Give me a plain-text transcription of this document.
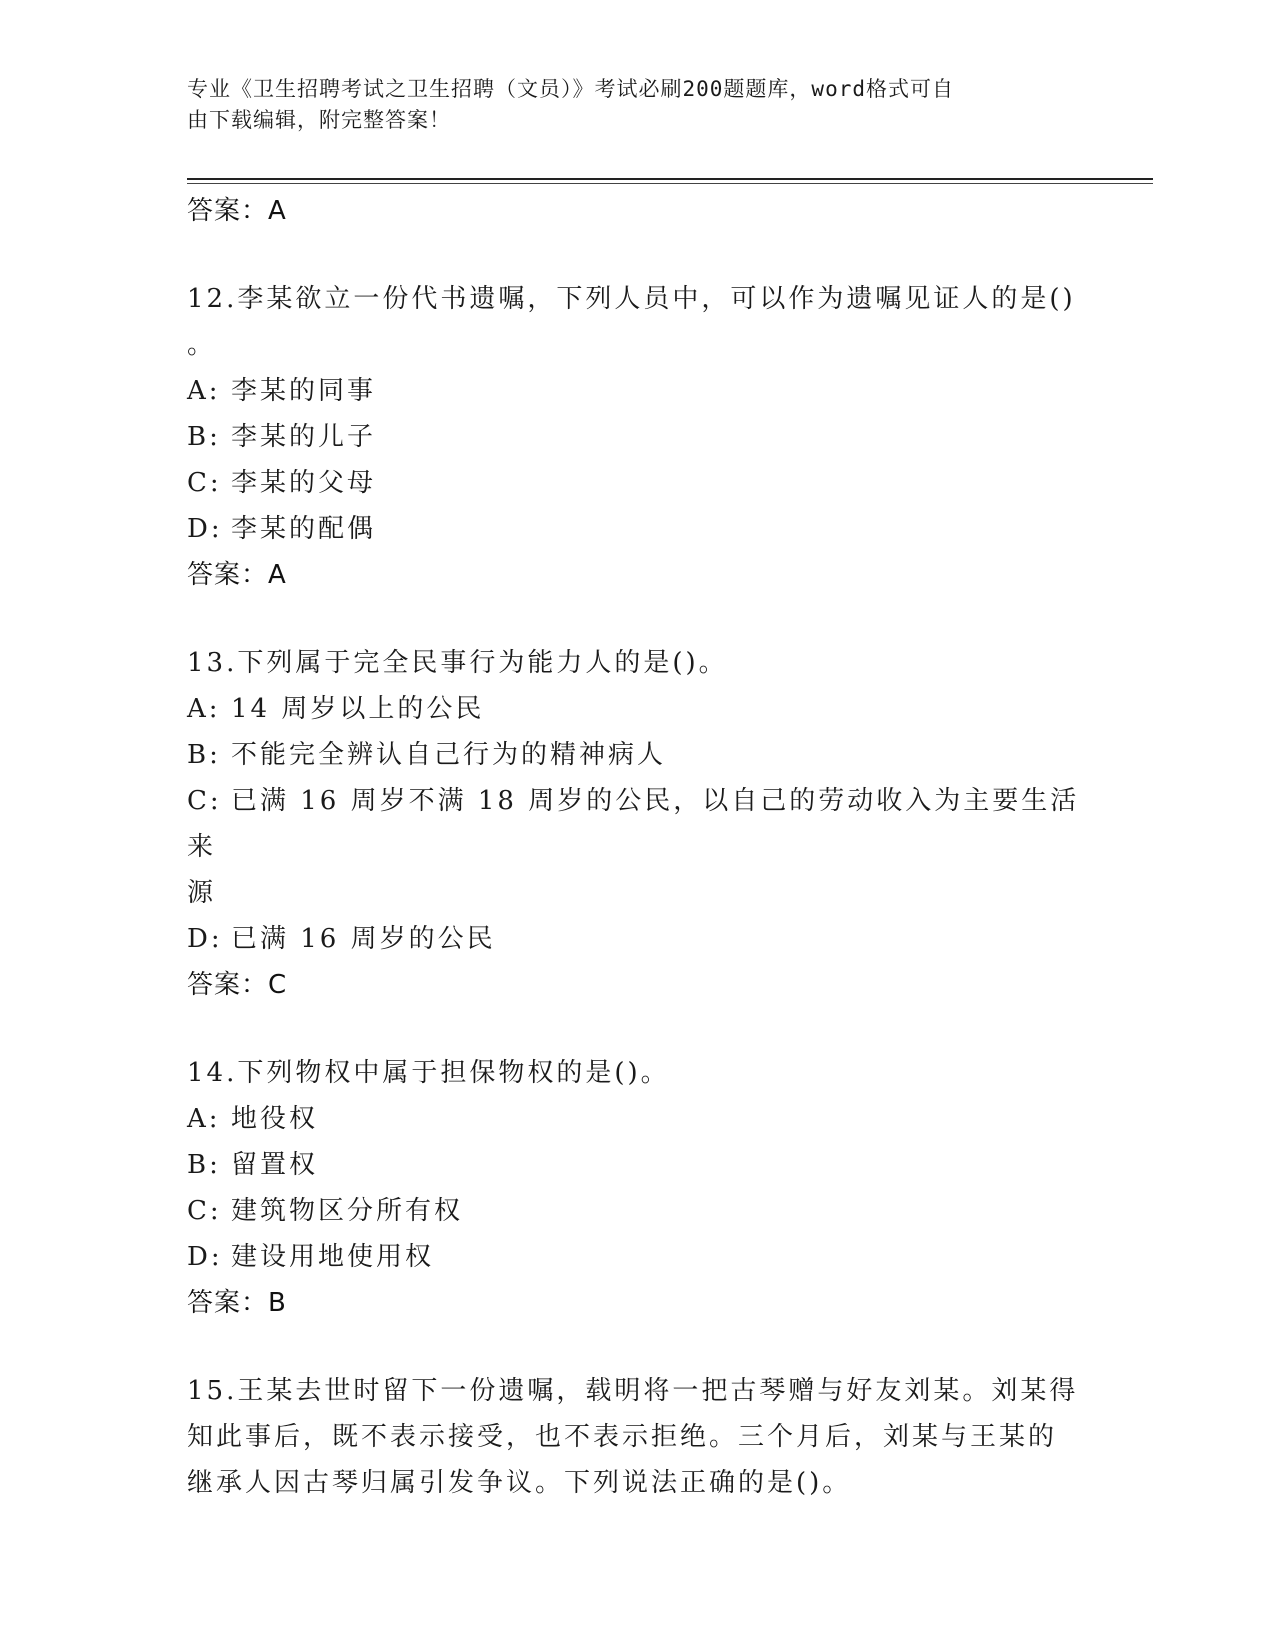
专业《卫生招聘考试之卫生招聘（文员）》考试必刷200题题库，word格式可自
由下载编辑，附完整答案！
答案：A
12.李某欲立一份代书遗嘱，下列人员中，可以作为遗嘱见证人的是()
。
A: 李某的同事
B: 李某的儿子
C: 李某的父母
D: 李某的配偶
答案：A
13.下列属于完全民事行为能力人的是()。
A: 14 周岁以上的公民
B: 不能完全辨认自己行为的精神病人
C: 已满 16 周岁不满 18 周岁的公民，以自己的劳动收入为主要生活来
源
D: 已满 16 周岁的公民
答案：C
14.下列物权中属于担保物权的是()。
A: 地役权
B: 留置权
C: 建筑物区分所有权
D: 建设用地使用权
答案：B
15.王某去世时留下一份遗嘱，载明将一把古琴赠与好友刘某。刘某得
知此事后，既不表示接受，也不表示拒绝。三个月后，刘某与王某的
继承人因古琴归属引发争议。下列说法正确的是()。
